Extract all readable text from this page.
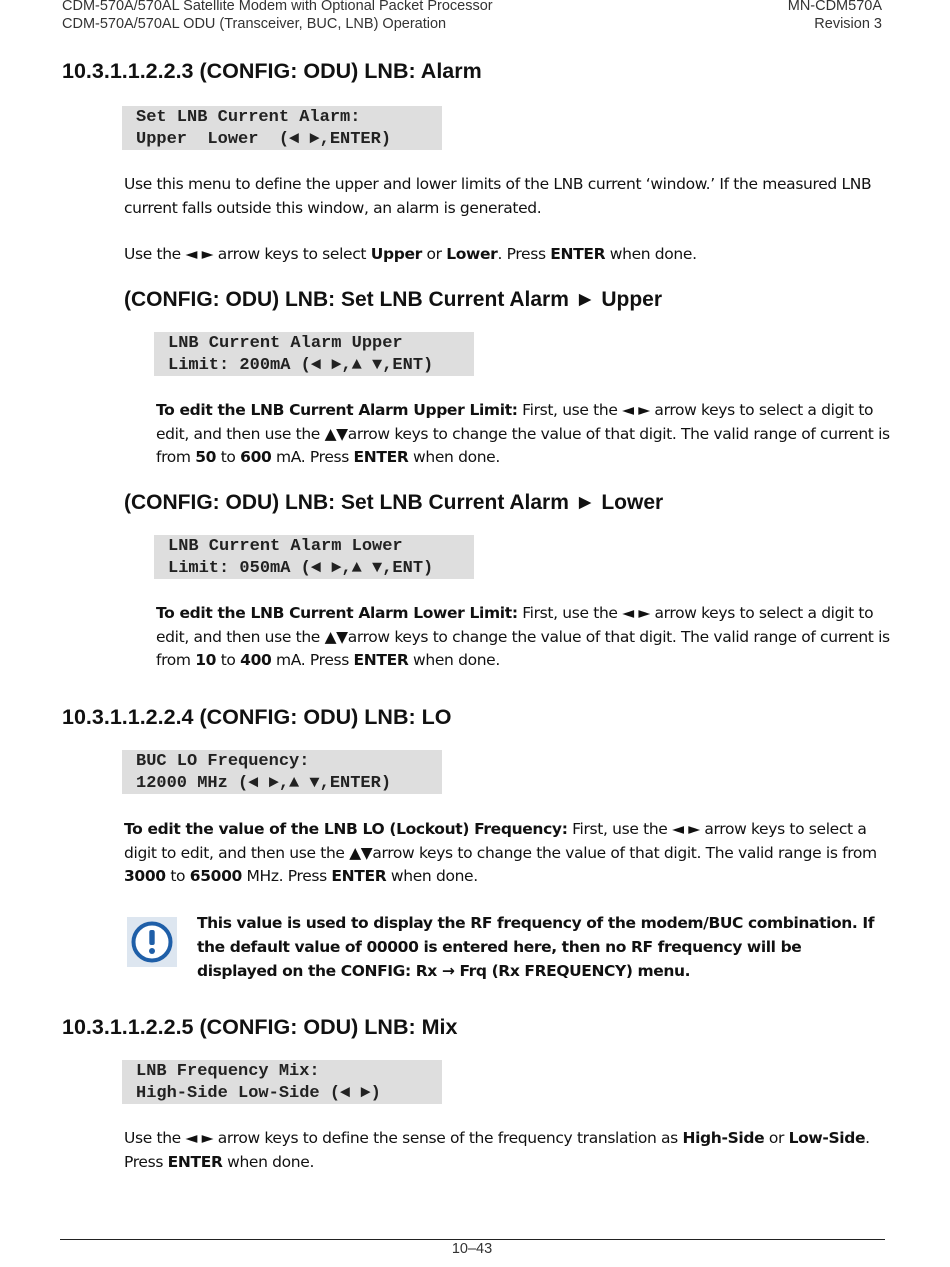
CDM-570A/570AL Satellite Modem with Optional Packet Processor
CDM-570A/570AL ODU (Transceiver, BUC, LNB) Operation
MN-CDM570A
Revision 3
10.3.1.1.2.2.3 (CONFIG: ODU) LNB: Alarm
Set LNB Current Alarm:
Upper  Lower  (◄ ►,ENTER)
Use this menu to define the upper and lower limits of the LNB current ‘window.’ If the measured LNB current falls outside this window, an alarm is generated.
Use the ◄ ► arrow keys to select Upper or Lower. Press ENTER when done.
(CONFIG: ODU) LNB: Set LNB Current Alarm ► Upper
LNB Current Alarm Upper
Limit: 200mA (◄ ►,▲ ▼,ENT)
To edit the LNB Current Alarm Upper Limit: First, use the ◄ ► arrow keys to select a digit to edit, and then use the ▲▼arrow keys to change the value of that digit. The valid range of current is from 50 to 600 mA. Press ENTER when done.
(CONFIG: ODU) LNB: Set LNB Current Alarm ► Lower
LNB Current Alarm Lower
Limit: 050mA (◄ ►,▲ ▼,ENT)
To edit the LNB Current Alarm Lower Limit: First, use the ◄ ► arrow keys to select a digit to edit, and then use the ▲▼arrow keys to change the value of that digit. The valid range of current is from 10 to 400 mA. Press ENTER when done.
10.3.1.1.2.2.4 (CONFIG: ODU) LNB: LO
BUC LO Frequency:
12000 MHz (◄ ►,▲ ▼,ENTER)
To edit the value of the LNB LO (Lockout) Frequency: First, use the ◄ ► arrow keys to select a digit to edit, and then use the ▲▼arrow keys to change the value of that digit. The valid range is from 3000 to 65000 MHz. Press ENTER when done.
This value is used to display the RF frequency of the modem/BUC combination. If the default value of 00000 is entered here, then no RF frequency will be displayed on the CONFIG: Rx → Frq (Rx FREQUENCY) menu.
10.3.1.1.2.2.5 (CONFIG: ODU) LNB: Mix
LNB Frequency Mix:
High-Side Low-Side (◄ ►)
Use the ◄ ► arrow keys to define the sense of the frequency translation as High-Side or Low-Side. Press ENTER when done.
10–43
